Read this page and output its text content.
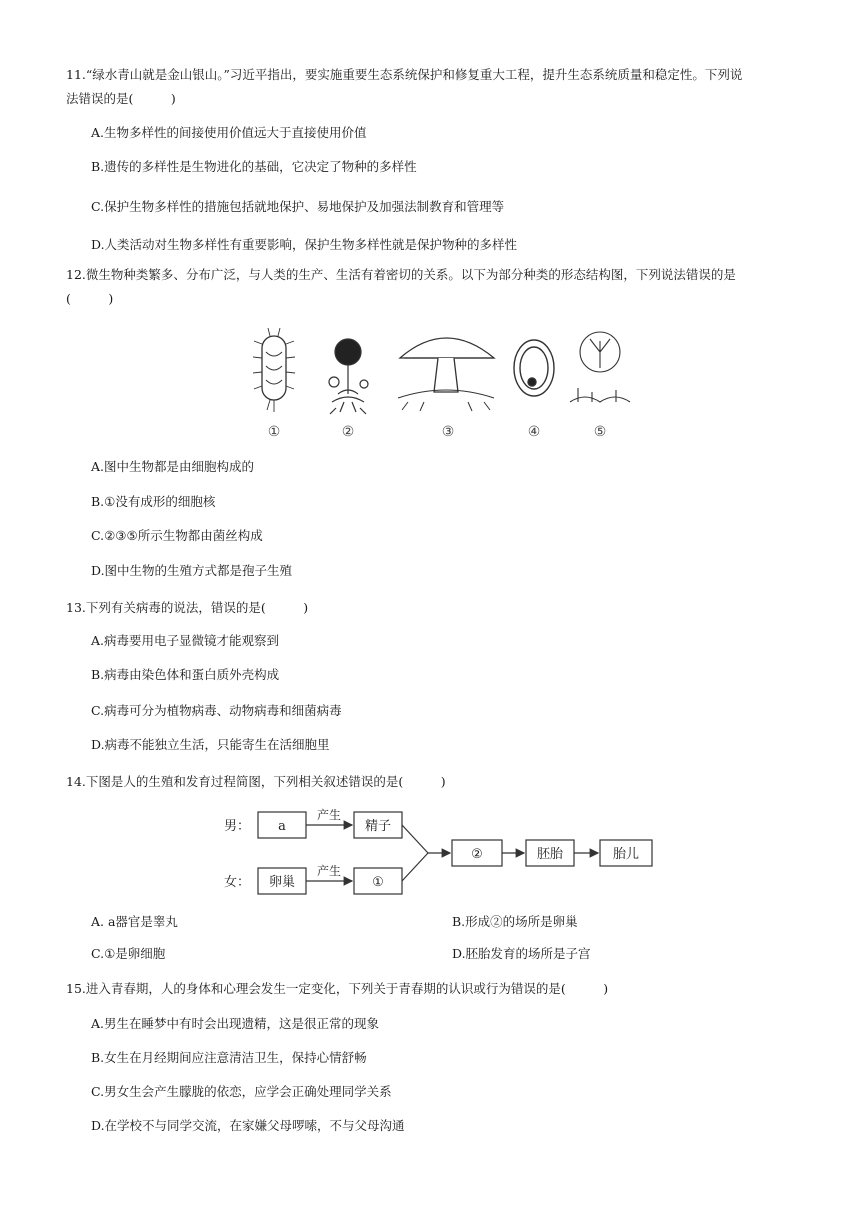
11.“绿水青山就是金山银山。”习近平指出，要实施重要生态系统保护和修复重大工程，提升生态系统质量和稳定性。下列说
法错误的是(　　　)
A.生物多样性的间接使用价值远大于直接使用价值
B.遗传的多样性是生物进化的基础，它决定了物种的多样性
C.保护生物多样性的措施包括就地保护、易地保护及加强法制教育和管理等
D.人类活动对生物多样性有重要影响，保护生物多样性就是保护物种的多样性
12.微生物种类繁多、分布广泛，与人类的生产、生活有着密切的关系。以下为部分种类的形态结构图，下列说法错误的是
(　　　)
①	②	③	④	⑤
A.图中生物都是由细胞构成的
B.①没有成形的细胞核
C.②③⑤所示生物都由菌丝构成
D.图中生物的生殖方式都是孢子生殖
13.下列有关病毒的说法，错误的是(　　　)
A.病毒要用电子显微镜才能观察到
B.病毒由染色体和蛋白质外壳构成
C.病毒可分为植物病毒、动物病毒和细菌病毒
D.病毒不能独立生活，只能寄生在活细胞里
14.下图是人的生殖和发育过程简图，下列相关叙述错误的是(　　　)
男：
女：
a
产生
精子
卵巢
产生
①
②	胚胎	胎儿
A. a器官是睾丸	B.形成②的场所是卵巢
C.①是卵细胞	D.胚胎发育的场所是子宫
15.进入青春期，人的身体和心理会发生一定变化，下列关于青春期的认识或行为错误的是(　　　)
A.男生在睡梦中有时会出现遗精，这是很正常的现象
B.女生在月经期间应注意清洁卫生，保持心情舒畅
C.男女生会产生朦胧的依恋，应学会正确处理同学关系
D.在学校不与同学交流，在家嫌父母啰嗦，不与父母沟通
